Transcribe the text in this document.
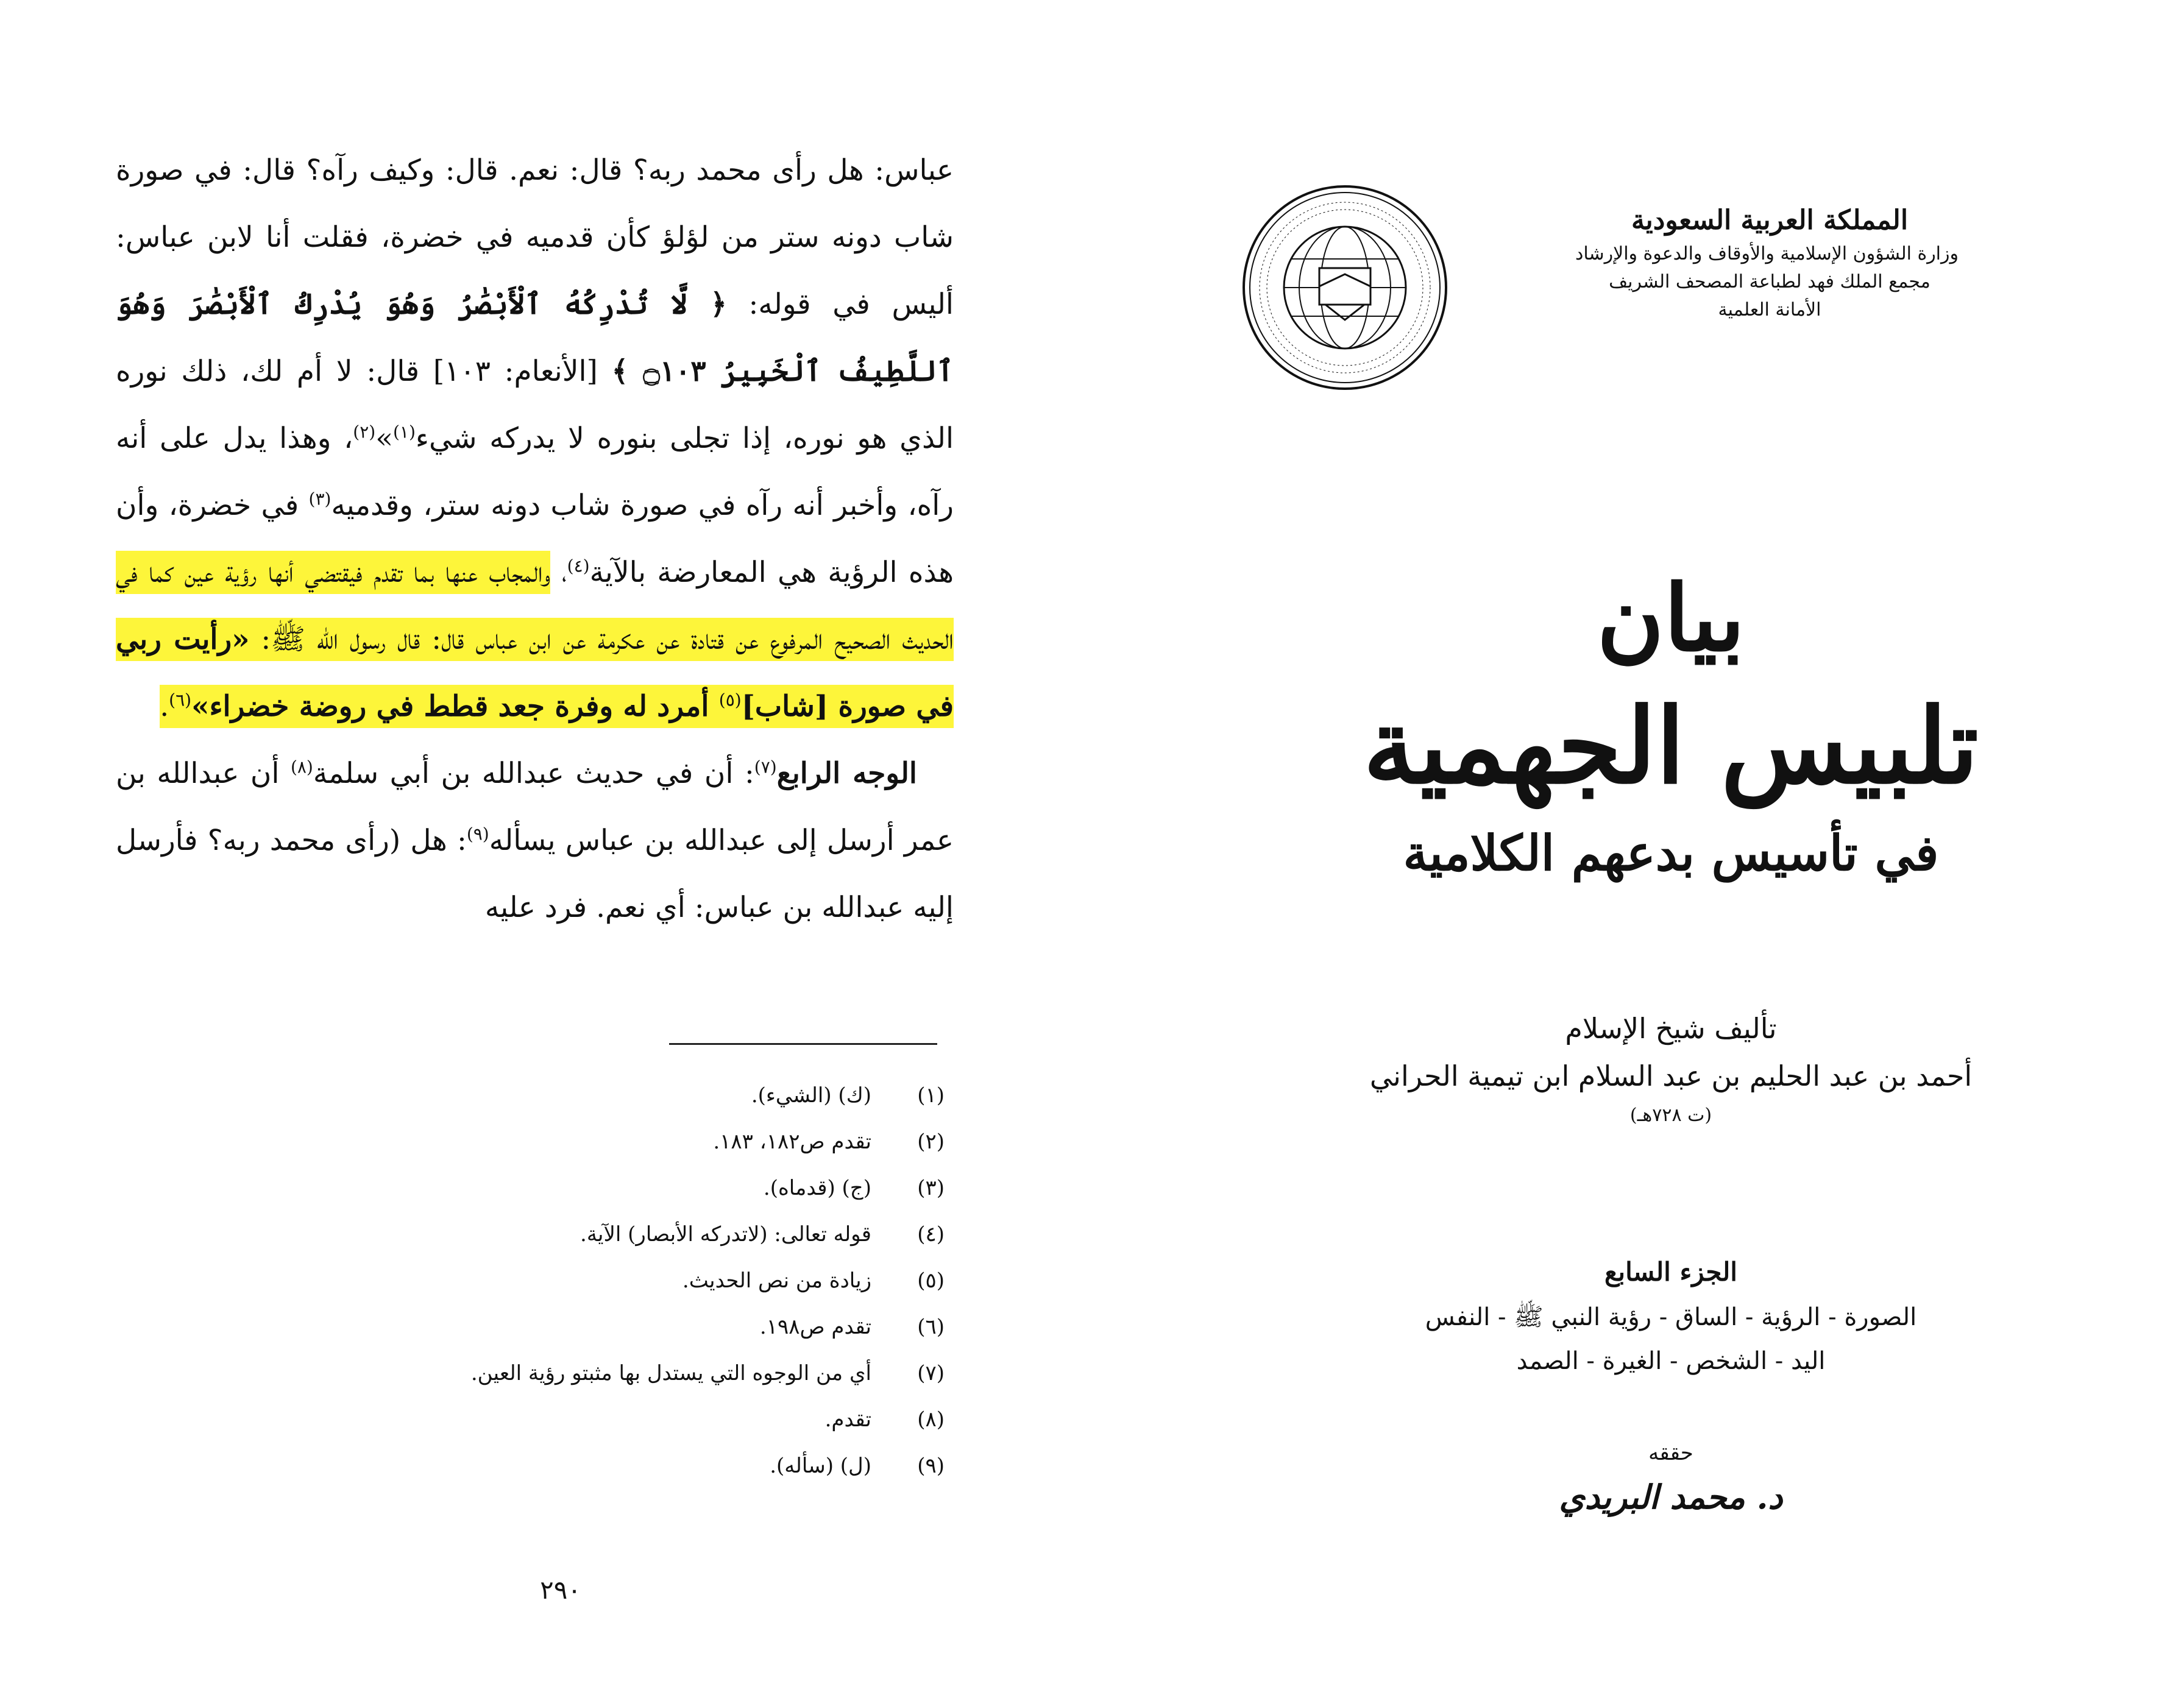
عباس: هل رأى محمد ربه؟ قال: نعم. قال: وكيف رآه؟ قال: في صورة شاب دونه ستر من لؤلؤ كأن قدميه في خضرة، فقلت أنا لابن عباس: أليس في قوله: ﴿ لَّا تُدْرِكُهُ ٱلْأَبْصَٰرُ وَهُوَ يُدْرِكُ ٱلْأَبْصَٰرَ وَهُوَ ٱللَّطِيفُ ٱلْخَبِيرُ ۝١٠٣ ﴾ [الأنعام: ١٠٣] قال: لا أم لك، ذلك نوره الذي هو نوره، إذا تجلى بنوره لا يدركه شيء$^{(١)}$»$^{(٢)}$، وهذا يدل على أنه رآه، وأخبر أنه رآه في صورة شاب دونه ستر، وقدميه$^{(٣)}$ في خضرة، وأن هذه الرؤية هي المعارضة بالآية$^{(٤)}$، والمجاب عنها بما تقدم فيقتضي أنها رؤية عين كما في الحديث الصحيح المرفوع عن قتادة عن عكرمة عن ابن عباس قال: قال رسول الله ﷺ: «رأيت ربي في صورة [شاب]$^{(٥)}$ أمرد له وفرة جعد قطط في روضة خضراء»$^{(٦)}$.

الوجه الرابع$^{(٧)}$: أن في حديث عبدالله بن أبي سلمة$^{(٨)}$ أن عبدالله بن عمر أرسل إلى عبدالله بن عباس يسأله$^{(٩)}$: هل (رأى محمد ربه؟ فأرسل إليه عبدالله بن عباس: أي نعم. فرد عليه

(١)
(ك) (الشيء).
(٢)
تقدم ص١٨٢، ١٨٣.
(٣)
(ج) (قدماه).
(٤)
قوله تعالى: (لاتدركه الأبصار) الآية.
(٥)
زيادة من نص الحديث.
(٦)
تقدم ص١٩٨.
(٧)
أي من الوجوه التي يستدل بها مثبتو رؤية العين.
(٨)
تقدم.
(٩)
(ل) (سأله).
٢٩٠
المملكة العربية السعودية
وزارة الشؤون الإسلامية والأوقاف والدعوة والإرشاد
مجمع الملك فهد لطباعة المصحف الشريف
الأمانة العلمية
بيان
تلبيس الجهمية
في تأسيس بدعهم الكلامية
تأليف شيخ الإسلام
أحمد بن عبد الحليم بن عبد السلام ابن تيمية الحراني
(ت ٧٢٨هـ)
الجزء السابع
الصورة - الرؤية - الساق - رؤية النبي ﷺ - النفس
اليد - الشخص - الغيرة - الصمد
حققه
د. محمد البريدي
